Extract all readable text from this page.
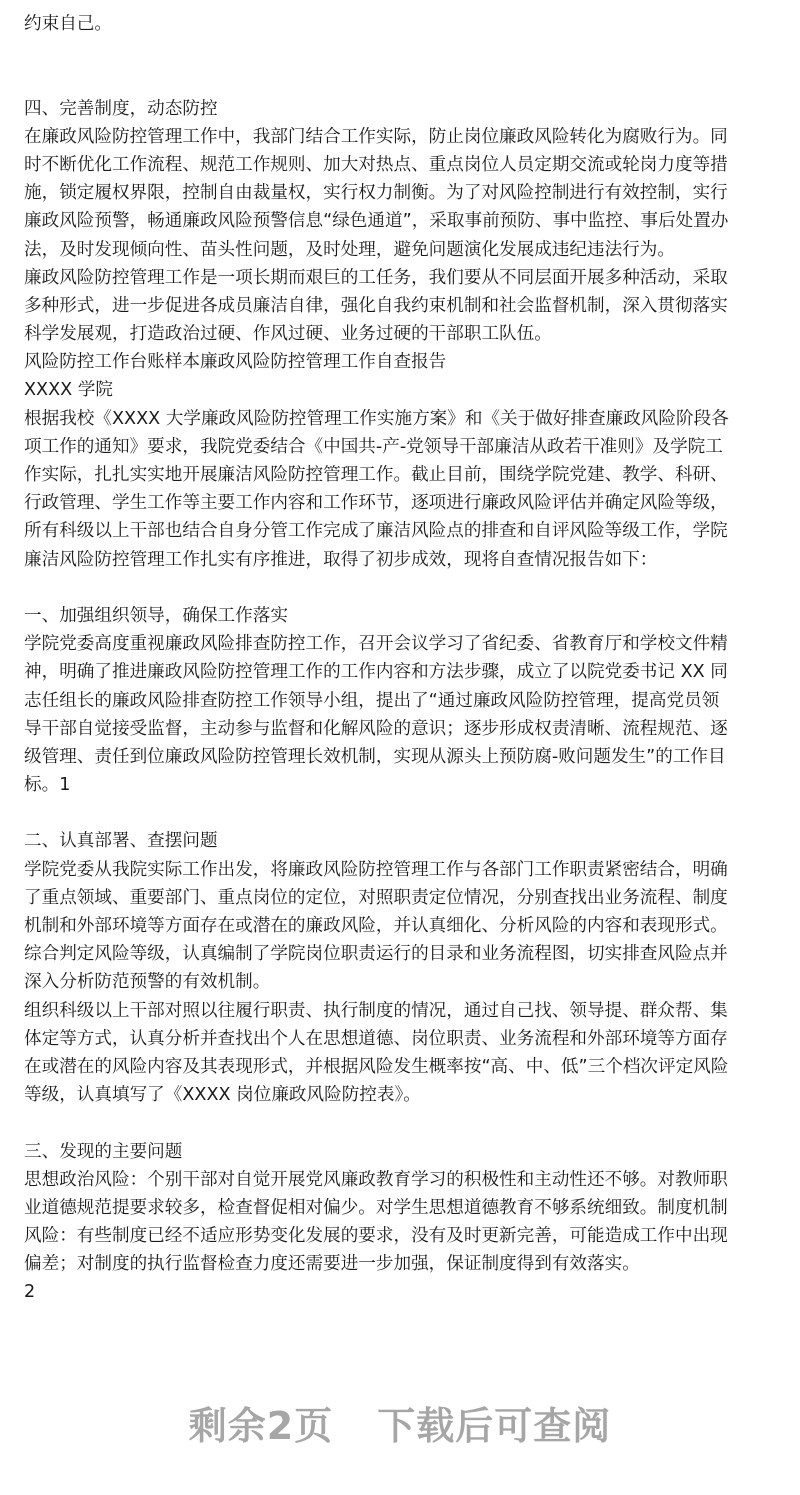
约束自己。
四、完善制度，动态防控
在廉政风险防控管理工作中，我部门结合工作实际，防止岗位廉政风险转化为腐败行为。同
时不断优化工作流程、规范工作规则、加大对热点、重点岗位人员定期交流或轮岗力度等措
施，锁定履权界限，控制自由裁量权，实行权力制衡。为了对风险控制进行有效控制，实行
廉政风险预警，畅通廉政风险预警信息“绿色通道”，采取事前预防、事中监控、事后处置办
法，及时发现倾向性、苗头性问题，及时处理，避免问题演化发展成违纪违法行为。
廉政风险防控管理工作是一项长期而艰巨的工任务，我们要从不同层面开展多种活动，采取
多种形式，进一步促进各成员廉洁自律，强化自我约束机制和社会监督机制，深入贯彻落实
科学发展观，打造政治过硬、作风过硬、业务过硬的干部职工队伍。
风险防控工作台账样本廉政风险防控管理工作自查报告
XXXX 学院
根据我校《XXXX 大学廉政风险防控管理工作实施方案》和《关于做好排查廉政风险阶段各
项工作的通知》要求，我院党委结合《中国共-产-党领导干部廉洁从政若干准则》及学院工
作实际，扎扎实实地开展廉洁风险防控管理工作。截止目前，围绕学院党建、教学、科研、
行政管理、学生工作等主要工作内容和工作环节，逐项进行廉政风险评估并确定风险等级，
所有科级以上干部也结合自身分管工作完成了廉洁风险点的排查和自评风险等级工作，学院
廉洁风险防控管理工作扎实有序推进，取得了初步成效，现将自查情况报告如下：
一、加强组织领导，确保工作落实
学院党委高度重视廉政风险排查防控工作，召开会议学习了省纪委、省教育厅和学校文件精
神，明确了推进廉政风险防控管理工作的工作内容和方法步骤，成立了以院党委书记 XX 同
志任组长的廉政风险排查防控工作领导小组，提出了“通过廉政风险防控管理，提高党员领
导干部自觉接受监督，主动参与监督和化解风险的意识；逐步形成权责清晰、流程规范、逐
级管理、责任到位廉政风险防控管理长效机制，实现从源头上预防腐-败问题发生”的工作目
标。1
二、认真部署、查摆问题
学院党委从我院实际工作出发，将廉政风险防控管理工作与各部门工作职责紧密结合，明确
了重点领域、重要部门、重点岗位的定位，对照职责定位情况，分别查找出业务流程、制度
机制和外部环境等方面存在或潜在的廉政风险，并认真细化、分析风险的内容和表现形式。
综合判定风险等级，认真编制了学院岗位职责运行的目录和业务流程图，切实排查风险点并
深入分析防范预警的有效机制。
组织科级以上干部对照以往履行职责、执行制度的情况，通过自己找、领导提、群众帮、集
体定等方式，认真分析并查找出个人在思想道德、岗位职责、业务流程和外部环境等方面存
在或潜在的风险内容及其表现形式，并根据风险发生概率按“高、中、低”三个档次评定风险
等级，认真填写了《XXXX 岗位廉政风险防控表》。
三、发现的主要问题
思想政治风险：个别干部对自觉开展党风廉政教育学习的积极性和主动性还不够。对教师职
业道德规范提要求较多，检查督促相对偏少。对学生思想道德教育不够系统细致。制度机制
风险：有些制度已经不适应形势变化发展的要求，没有及时更新完善，可能造成工作中出现
偏差；对制度的执行监督检查力度还需要进一步加强，保证制度得到有效落实。
2
剩余2页 下载后可查阅
